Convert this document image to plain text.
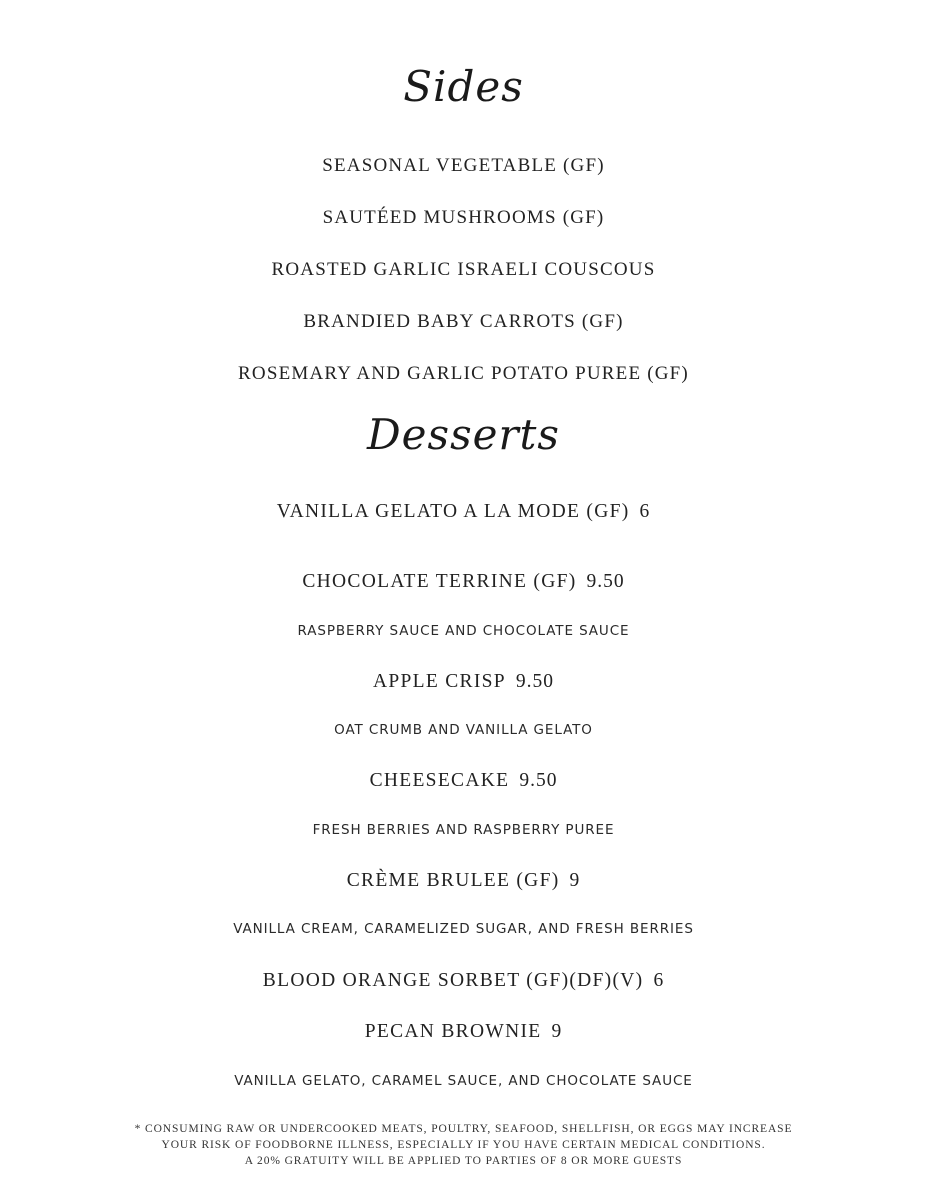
Sides
SEASONAL VEGETABLE (GF)
SAUTÉED MUSHROOMS (GF)
ROASTED GARLIC ISRAELI COUSCOUS
BRANDIED BABY CARROTS (GF)
ROSEMARY AND GARLIC POTATO PUREE (GF)
Desserts
VANILLA GELATO A LA MODE (GF) 6
CHOCOLATE TERRINE (GF) 9.50
RASPBERRY SAUCE AND CHOCOLATE SAUCE
APPLE CRISP 9.50
OAT CRUMB AND VANILLA GELATO
CHEESECAKE 9.50
FRESH BERRIES AND RASPBERRY PUREE
CRÈME BRULEE (GF) 9
VANILLA CREAM, CARAMELIZED SUGAR, AND FRESH BERRIES
BLOOD ORANGE SORBET (GF)(DF)(V) 6
PECAN BROWNIE 9
VANILLA GELATO, CARAMEL SAUCE, AND CHOCOLATE SAUCE
* CONSUMING RAW OR UNDERCOOKED MEATS, POULTRY, SEAFOOD, SHELLFISH, OR EGGS MAY INCREASE
YOUR RISK OF FOODBORNE ILLNESS, ESPECIALLY IF YOU HAVE CERTAIN MEDICAL CONDITIONS.
A 20% GRATUITY WILL BE APPLIED TO PARTIES OF 8 OR MORE GUESTS
